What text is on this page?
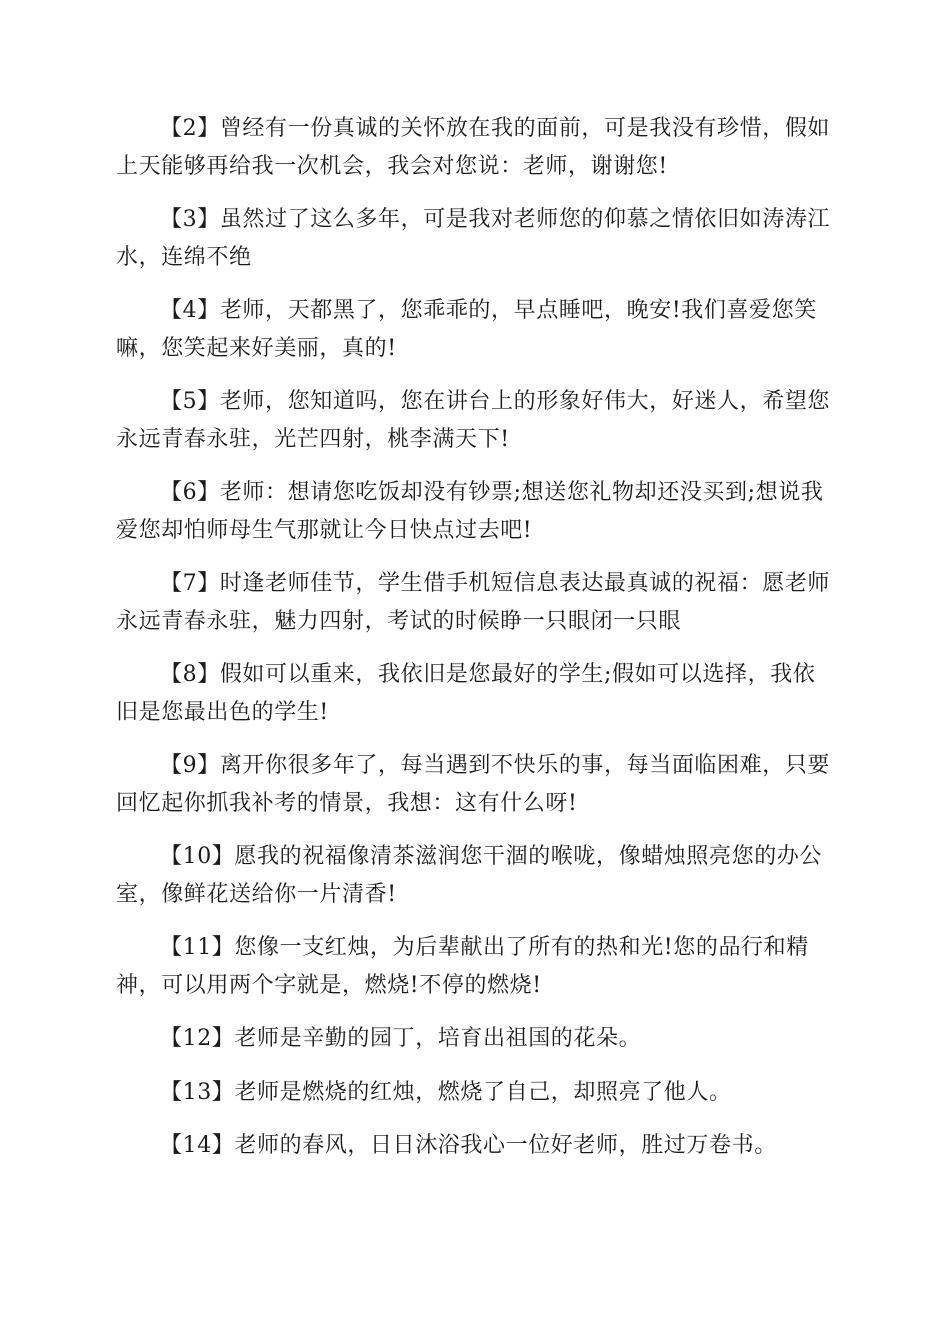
【2】曾经有一份真诚的关怀放在我的面前，可是我没有珍惜，假如上天能够再给我一次机会，我会对您说：老师，谢谢您!

【3】虽然过了这么多年，可是我对老师您的仰慕之情依旧如涛涛江水，连绵不绝

【4】老师，天都黑了，您乖乖的，早点睡吧，晚安!我们喜爱您笑嘛，您笑起来好美丽，真的!

【5】老师，您知道吗，您在讲台上的形象好伟大，好迷人，希望您永远青春永驻，光芒四射，桃李满天下!

【6】老师：想请您吃饭却没有钞票;想送您礼物却还没买到;想说我爱您却怕师母生气那就让今日快点过去吧!

【7】时逢老师佳节，学生借手机短信息表达最真诚的祝福：愿老师永远青春永驻，魅力四射，考试的时候睁一只眼闭一只眼

【8】假如可以重来，我依旧是您最好的学生;假如可以选择，我依旧是您最出色的学生!

【9】离开你很多年了，每当遇到不快乐的事，每当面临困难，只要回忆起你抓我补考的情景，我想：这有什么呀!

【10】愿我的祝福像清茶滋润您干涸的喉咙，像蜡烛照亮您的办公室，像鲜花送给你一片清香!

【11】您像一支红烛，为后辈献出了所有的热和光!您的品行和精神，可以用两个字就是，燃烧!不停的燃烧!

【12】老师是辛勤的园丁，培育出祖国的花朵。

【13】老师是燃烧的红烛，燃烧了自己，却照亮了他人。

【14】老师的春风，日日沐浴我心一位好老师，胜过万卷书。
